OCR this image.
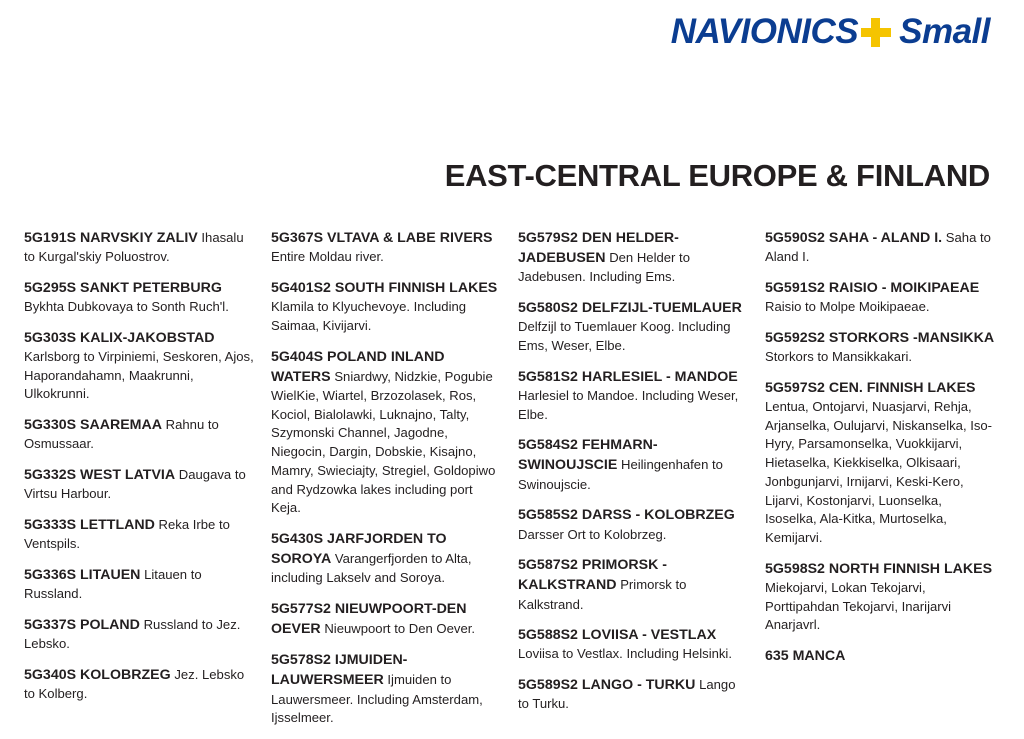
NAVIONICS Small
EAST-CENTRAL EUROPE & FINLAND
5G191S NARVSKIY ZALIV Ihasalu to Kurgal'skiy Poluostrov.
5G295S SANKT PETERBURG Bykhta Dubkovaya to Sonth Ruch'l.
5G303S KALIX-JAKOBSTAD Karlsborg to Virpiniemi, Seskoren, Ajos, Haporandahamn, Maakrunni, Ulkokrunni.
5G330S SAAREMAA Rahnu to Osmussaar.
5G332S WEST LATVIA Daugava to Virtsu Harbour.
5G333S LETTLAND Reka Irbe to Ventspils.
5G336S LITAUEN Litauen to Russland.
5G337S POLAND Russland to Jez. Lebsko.
5G340S KOLOBRZEG Jez. Lebsko to Kolberg.
5G367S VLTAVA & LABE RIVERS Entire Moldau river.
5G401S2 SOUTH FINNISH LAKES Klamila to Klyuchevoye. Including Saimaa, Kivijarvi.
5G404S POLAND INLAND WATERS Sniardwy, Nidzkie, Pogubie WielKie, Wiartel, Brzozolasek, Ros, Kociol, Bialolawki, Luknajno, Talty, Szymonski Channel, Jagodne, Niegocin, Dargin, Dobskie, Kisajno, Mamry, Swieciajty, Stregiel, Goldopiwo and Rydzowka lakes including port Keja.
5G430S JARFJORDEN TO SOROYA Varangerfjorden to Alta, including Lakselv and Soroya.
5G577S2 NIEUWPOORT-DEN OEVER Nieuwpoort to Den Oever.
5G578S2 IJMUIDEN-LAUWERSMEER Ijmuiden to Lauwersmeer. Including Amsterdam, Ijsselmeer.
5G579S2 DEN HELDER-JADEBUSEN Den Helder to Jadebusen. Including Ems.
5G580S2 DELFZIJL-TUEMLAUER Delfzijl to Tuemlauer Koog. Including Ems, Weser, Elbe.
5G581S2 HARLESIEL - MANDOE Harlesiel to Mandoe. Including Weser, Elbe.
5G584S2 FEHMARN-SWINOUJSCIE Heilingenhafen to Swinoujscie.
5G585S2 DARSS - KOLOBRZEG Darsser Ort to Kolobrzeg.
5G587S2 PRIMORSK -KALKSTRAND Primorsk to Kalkstrand.
5G588S2 LOVIISA - VESTLAX Loviisa to Vestlax. Including Helsinki.
5G589S2 LANGO - TURKU Lango to Turku.
5G590S2 SAHA - ALAND I. Saha to Aland I.
5G591S2 RAISIO - MOIKIPAEAE Raisio to Molpe Moikipaeae.
5G592S2 STORKORS -MANSIKKA Storkors to Mansikkakari.
5G597S2 CEN. FINNISH LAKES Lentua, Ontojarvi, Nuasjarvi, Rehja, Arjanselka, Oulujarvi, Niskanselka, Iso-Hyry, Parsamonselka, Vuokkijarvi, Hietaselka, Kiekkiselka, Olkisaari, Jonbgunjarvi, Irnijarvi, Keski-Kero, Lijarvi, Kostonjarvi, Luonselka, Isoselka, Ala-Kitka, Murtoselka, Kemijarvi.
5G598S2 NORTH FINNISH LAKES Miekojarvi, Lokan Tekojarvi, Porttipahdan Tekojarvi, Inarijarvi Anarjavrl.
635 MANCA
